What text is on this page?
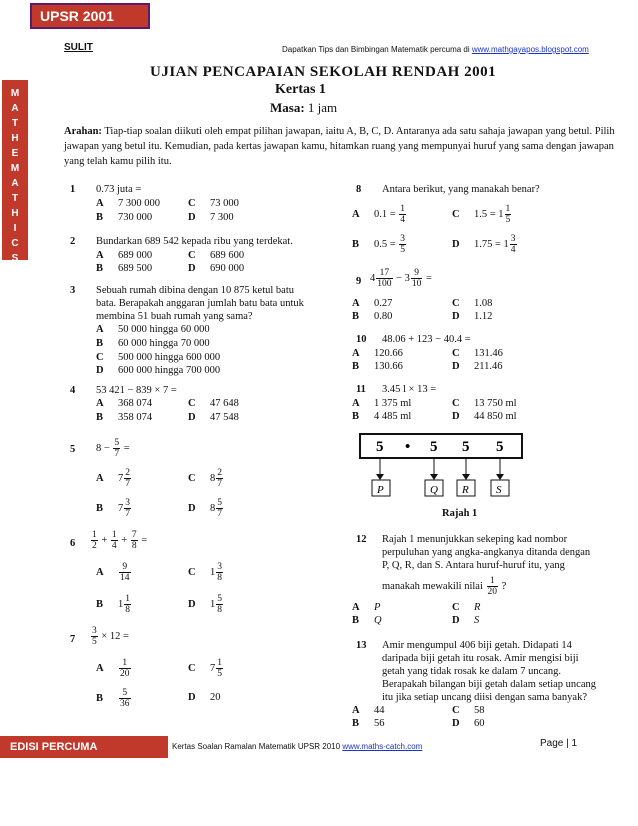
UPSR 2001
SULIT	Dapatkan Tips dan Bimbingan Matematik percuma di www.mathgayapos.blogspot.com
M
A
T
H
E
M
A
T
H
I
C
S
UJIAN PENCAPAIAN SEKOLAH RENDAH 2001
Kertas 1
Masa: 1 jam
Arahan: Tiap-tiap soalan diikuti oleh empat pilihan jawapan, iaitu A, B, C, D. Antaranya ada satu sahaja jawapan yang betul. Pilih jawapan yang betul itu. Kemudian, pada kertas jawapan kamu, hitamkan ruang yang mempunyai huruf yang sama dengan jawapan yang telah kamu pilih itu.
1 0.73 juta =
A 7 300 000
B 730 000
C 73 000
D 7 300
2 Bundarkan 689 542 kepada ribu yang terdekat.
A 689 000
B 689 500
C 689 600
D 690 000
3 Sebuah rumah dibina dengan 10 875 ketul batu
bata. Berapakah anggaran jumlah batu bata untuk
membina 51 buah rumah yang sama?
A 50 000 hingga 60 000
B 60 000 hingga 70 000
C 500 000 hingga 600 000
D 600 000 hingga 700 000
4 53 421 − 839 × 7 =
A 368 074
B 358 074
C 47 648
D 47 548
5 $8 - \frac{5}{7}$ =
A $7 \frac{2}{7}$
B $7 \frac{3}{7}$
C $8 \frac{2}{7}$
D $8 \frac{5}{7}$
$6 \frac{1}{2} + \frac{1}{4} + \frac{7}{8}$ =
A $\frac{9}{14}$
B $1 \frac{1}{8}$
C $1 \frac{3}{8}$
D $1 \frac{5}{8}$
$7 \frac{3}{5} \times 12$ =
A $\frac{1}{20}$
B $\frac{5}{36}$
C $7 \frac{1}{5}$
D 20
8 Antara berikut, yang manakah benar?
A $0.1 = \frac{1}{4}$
B $0.5 = \frac{3}{5}$
C $1.5 = 1 \frac{1}{5}$
D $1.75 = 1 \frac{3}{4}$
9 $4 \frac{17}{100} - 3 \frac{9}{10}$ =
A 0.27
B 0.80
C 1.08
D 1.12
10 48.06 + 123 − 40.4 =
A 120.66
B 130.66
C 131.46
D 211.46
11 3.45 l × 13 =
A 1 375 ml
B 4 485 ml
C 13 750 ml
D 44 850 ml
5 • 5 5 5
P	Q R S
Rajah 1
12 Rajah 1 menunjukkan sekeping kad nombor
perpuluhan yang angka-angkanya ditanda dengan
P, Q, R, dan S. Antara huruf-huruf itu, yang
manakah mewakili nilai $\frac{1}{20}$ ?
A P
B Q
C R
D S
13 Amir mengumpul 406 biji getah. Didapati 14
daripada biji getah itu rosak. Amir mengisi biji
getah yang tidak rosak ke dalam 7 uncang.
Berapakah bilangan biji getah dalam setiap uncang
itu jika setiap uncang diisi dengan sama banyak?
A 44
B 56
C 58
D 60
EDISI PERCUMA	Kertas Soalan Ramalan Matematik UPSR 2010 www.maths-catch.com	Page | 1
